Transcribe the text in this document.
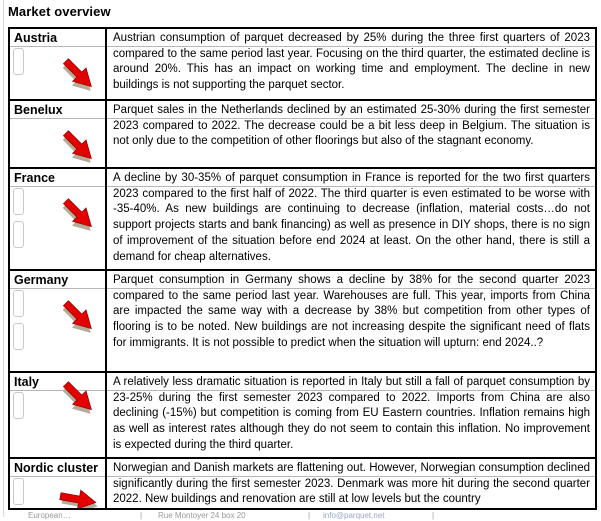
Market overview
Austria	Austrian consumption of parquet decreased by 25% during the three first quarters of 2023 compared to the same period last year. Focusing on the third quarter, the estimated decline is around 20%. This has an impact on working time and employment. The decline in new buildings is not supporting the parquet sector.
Benelux	Parquet sales in the Netherlands declined by an estimated 25-30% during the first semester 2023 compared to 2022. The decrease could be a bit less deep in Belgium. The situation is not only due to the competition of other floorings but also of the stagnant economy.
France	A decline by 30-35% of parquet consumption in France is reported for the two first quarters 2023 compared to the first half of 2022. The third quarter is even estimated to be worse with -35-40%. As new buildings are continuing to decrease (inflation, material costs…do not support projects starts and bank financing) as well as presence in DIY shops, there is no sign of improvement of the situation before end 2024 at least. On the other hand, there is still a demand for cheap alternatives.
Germany	Parquet consumption in Germany shows a decline by 38% for the second quarter 2023 compared to the same period last year. Warehouses are full. This year, imports from China are impacted the same way with a decrease by 38% but competition from other types of flooring is to be noted. New buildings are not increasing despite the significant need of flats for immigrants. It is not possible to predict when the situation will upturn: end 2024..?
Italy	A relatively less dramatic situation is reported in Italy but still a fall of parquet consumption by 23-25% during the first semester 2023 compared to 2022. Imports from China are also declining (-15%) but competition is coming from EU Eastern countries. Inflation remains high as well as interest rates although they do not seem to contain this inflation. No improvement is expected during the third quarter.
Nordic cluster	Norwegian and Danish markets are flattening out. However, Norwegian consumption declined significantly during the first semester 2023. Denmark was more hit during the second quarter 2022. New buildings and renovation are still at low levels but the country
European…	| Rue Montoyer 24 box 20	| info@parquet.net	|
